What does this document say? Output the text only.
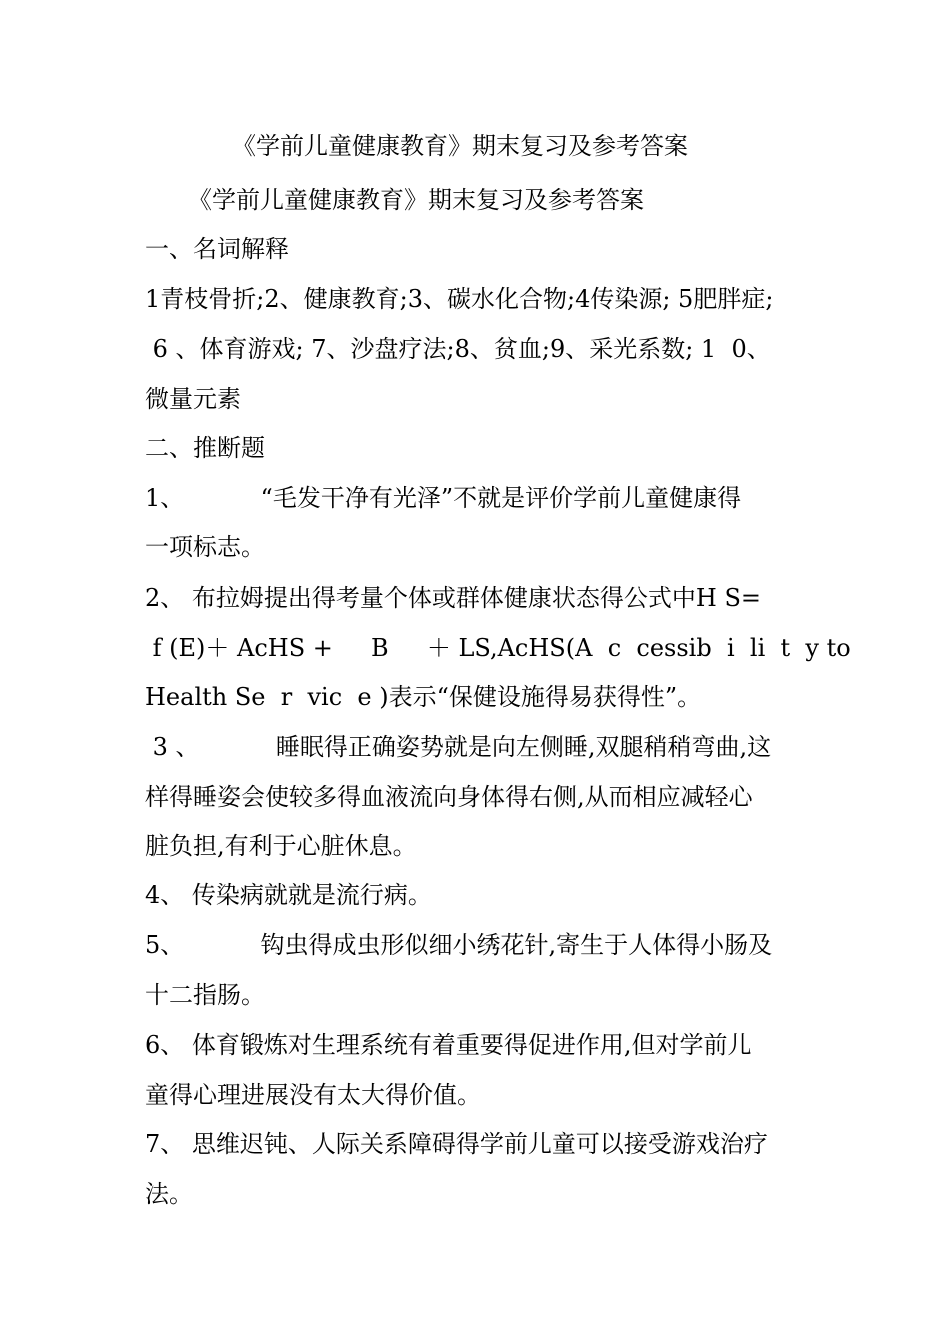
《学前儿童健康教育》期末复习及参考答案
《学前儿童健康教育》期末复习及参考答案
一、名词解释
1青枝骨折;2、健康教育;3、碳水化合物;4传染源; 5肥胖症;
6 、体育游戏; 7、沙盘疗法;8、贫血;9、采光系数; 1  0、
微量元素
二、推断题
1、          “毛发干净有光泽”不就是评价学前儿童健康得
一项标志。
2、 布拉姆提出得考量个体或群体健康状态得公式中H S=
f (E)＋ AcHS +     B     ＋ LS,AcHS(A  c  cessib  i  li  t  y to
Health Se  r  vic  e )表示“保健设施得易获得性”。
3 、          睡眠得正确姿势就是向左侧睡,双腿稍稍弯曲,这
样得睡姿会使较多得血液流向身体得右侧,从而相应减轻心
脏负担,有利于心脏休息。
4、 传染病就就是流行病。
5、          钩虫得成虫形似细小绣花针,寄生于人体得小肠及
十二指肠。
6、 体育锻炼对生理系统有着重要得促进作用,但对学前儿
童得心理进展没有太大得价值。
7、 思维迟钝、人际关系障碍得学前儿童可以接受游戏治疗
法。
